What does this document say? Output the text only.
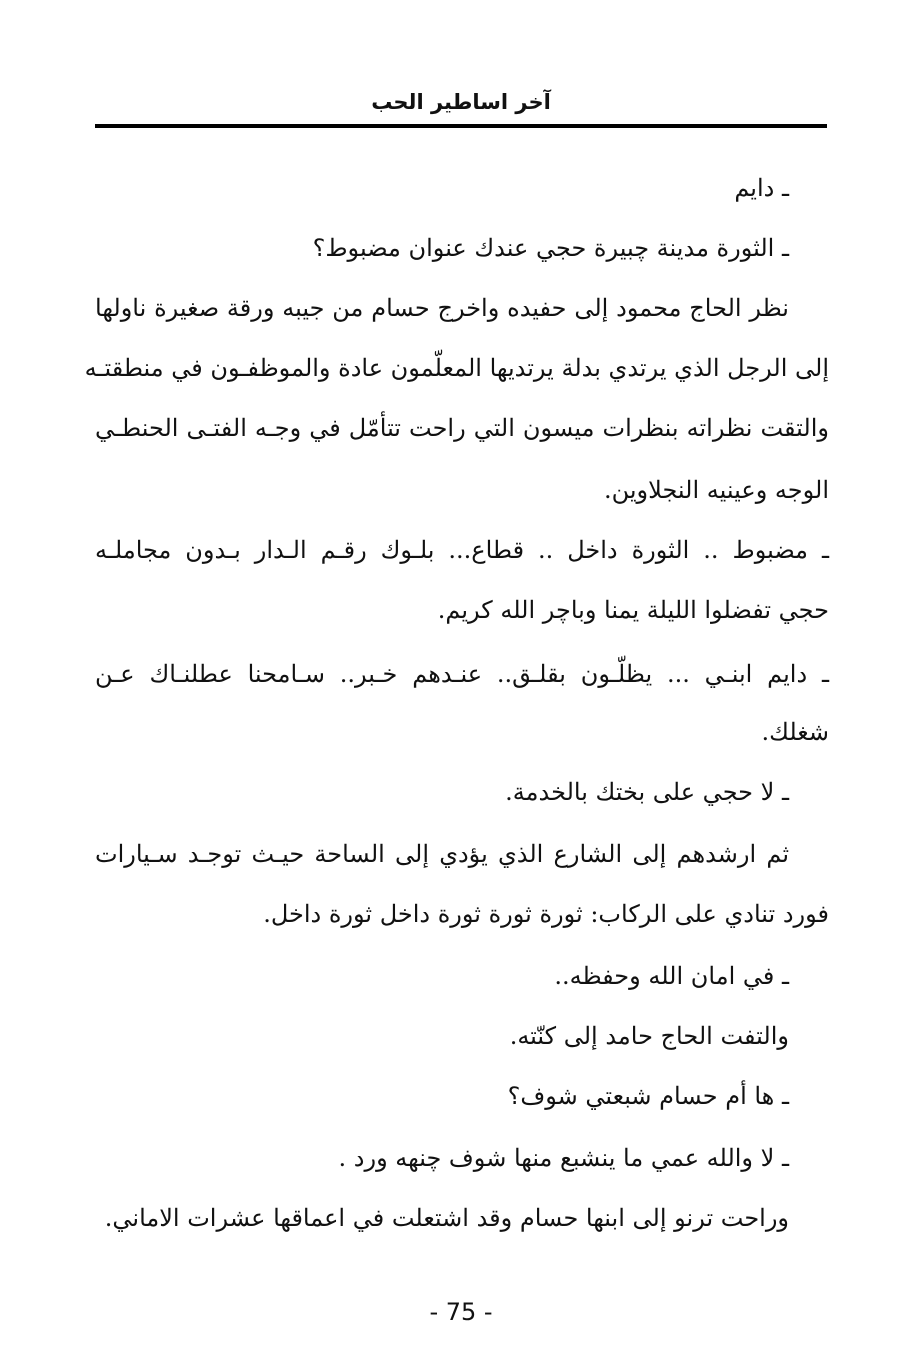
آخر اساطير الحب
ـ دايم
ـ الثورة مدينة چبيرة حجي عندك عنوان مضبوط؟
نظر الحاج محمود إلى حفيده واخرج حسام من جيبه ورقة صغيرة ناولها
إلى الرجل الذي يرتدي بدلة يرتديها المعلّمون عادة والموظفـون في منطقتـه
والتقت نظراته بنظرات ميسون التي راحت تتأمّل في وجـه الفتـى الحنطـي
الوجه وعينيه النجلاوين.
ـ مضبوط .. الثورة داخل .. قطاع... بلـوك رقـم الـدار بـدون مجاملـه
حجي تفضلوا الليلة يمنا وباچر الله كريم.
ـ دايم ابنـي ... يظلّـون بقلـق.. عنـدهم خـبر.. سـامحنا عطلنـاك عـن
شغلك.
ـ لا حجي على بختك بالخدمة.
ثم ارشدهم إلى الشارع الذي يؤدي إلى الساحة حيـث توجـد سـيارات
فورد تنادي على الركاب: ثورة ثورة ثورة داخل ثورة داخل.
ـ في امان الله وحفظه..
والتفت الحاج حامد إلى كنّته.
ـ ها أم حسام شبعتي شوف؟
ـ لا والله عمي ما ينشبع منها شوف چنهه ورد .
وراحت ترنو إلى ابنها حسام وقد اشتعلت في اعماقها عشرات الاماني.
- 75 -
